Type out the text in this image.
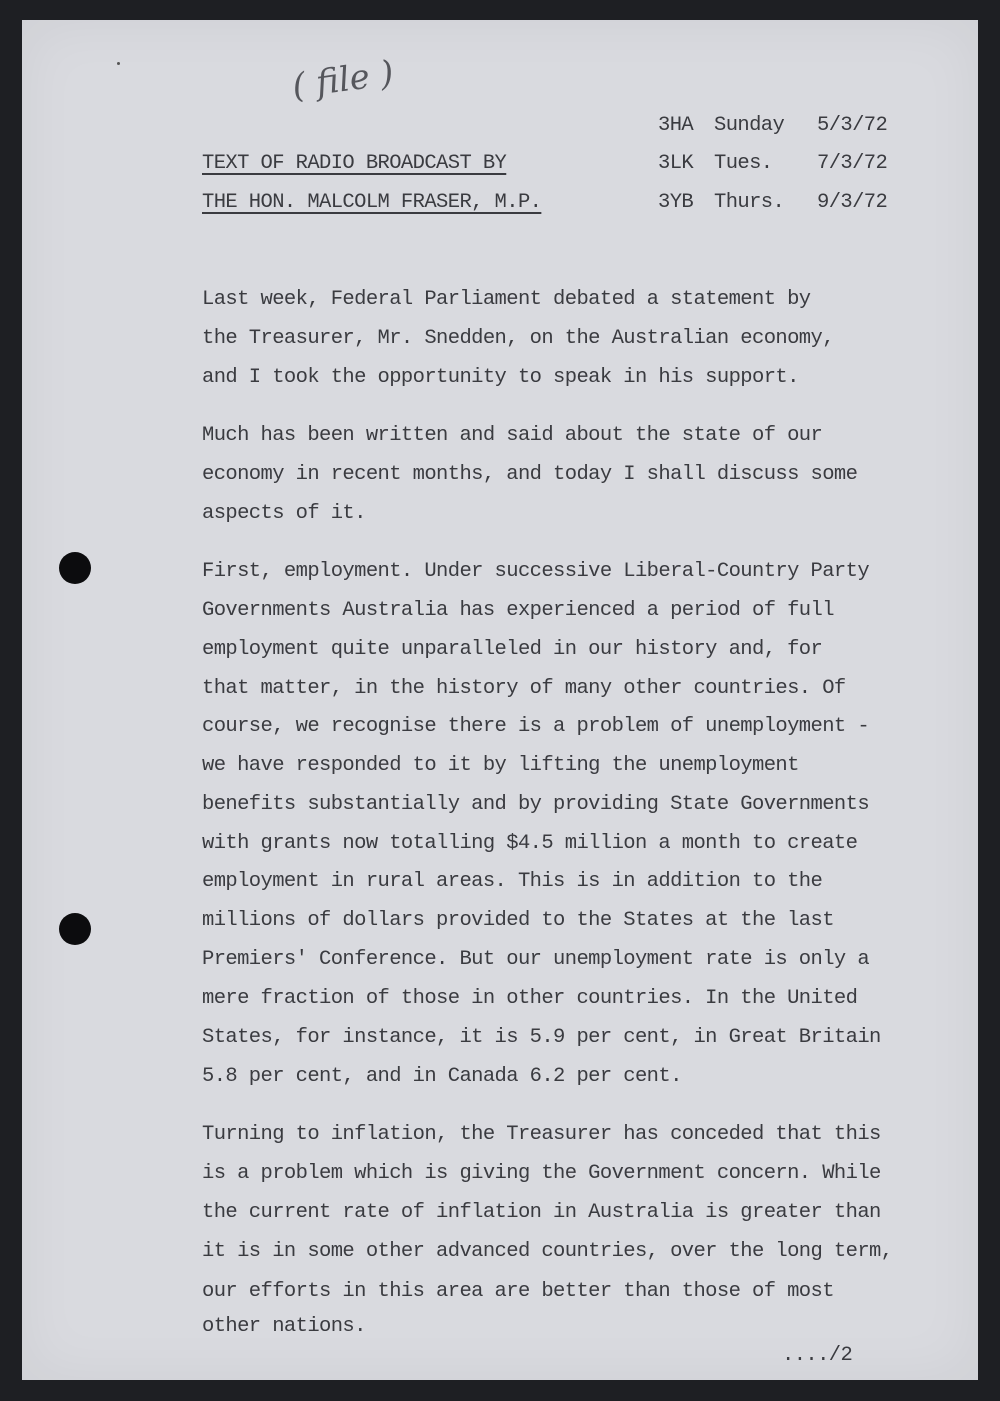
( file )
TEXT OF RADIO BROADCAST BY
THE HON. MALCOLM FRASER, M.P.
3HA Sunday 5/3/72
3LK Tues. 7/3/72
3YB Thurs. 9/3/72
Last week, Federal Parliament debated a statement by
the Treasurer, Mr. Snedden, on the Australian economy,
and I took the opportunity to speak in his support.
Much has been written and said about the state of our
economy in recent months, and today I shall discuss some
aspects of it.
First, employment. Under successive Liberal-Country Party
Governments Australia has experienced a period of full
employment quite unparalleled in our history and, for
that matter, in the history of many other countries. Of
course, we recognise there is a problem of unemployment -
we have responded to it by lifting the unemployment
benefits substantially and by providing State Governments
with grants now totalling $4.5 million a month to create
employment in rural areas. This is in addition to the
millions of dollars provided to the States at the last
Premiers' Conference. But our unemployment rate is only a
mere fraction of those in other countries. In the United
States, for instance, it is 5.9 per cent, in Great Britain
5.8 per cent, and in Canada 6.2 per cent.
Turning to inflation, the Treasurer has conceded that this
is a problem which is giving the Government concern. While
the current rate of inflation in Australia is greater than
it is in some other advanced countries, over the long term,
our efforts in this area are better than those of most
other nations.
..../2
